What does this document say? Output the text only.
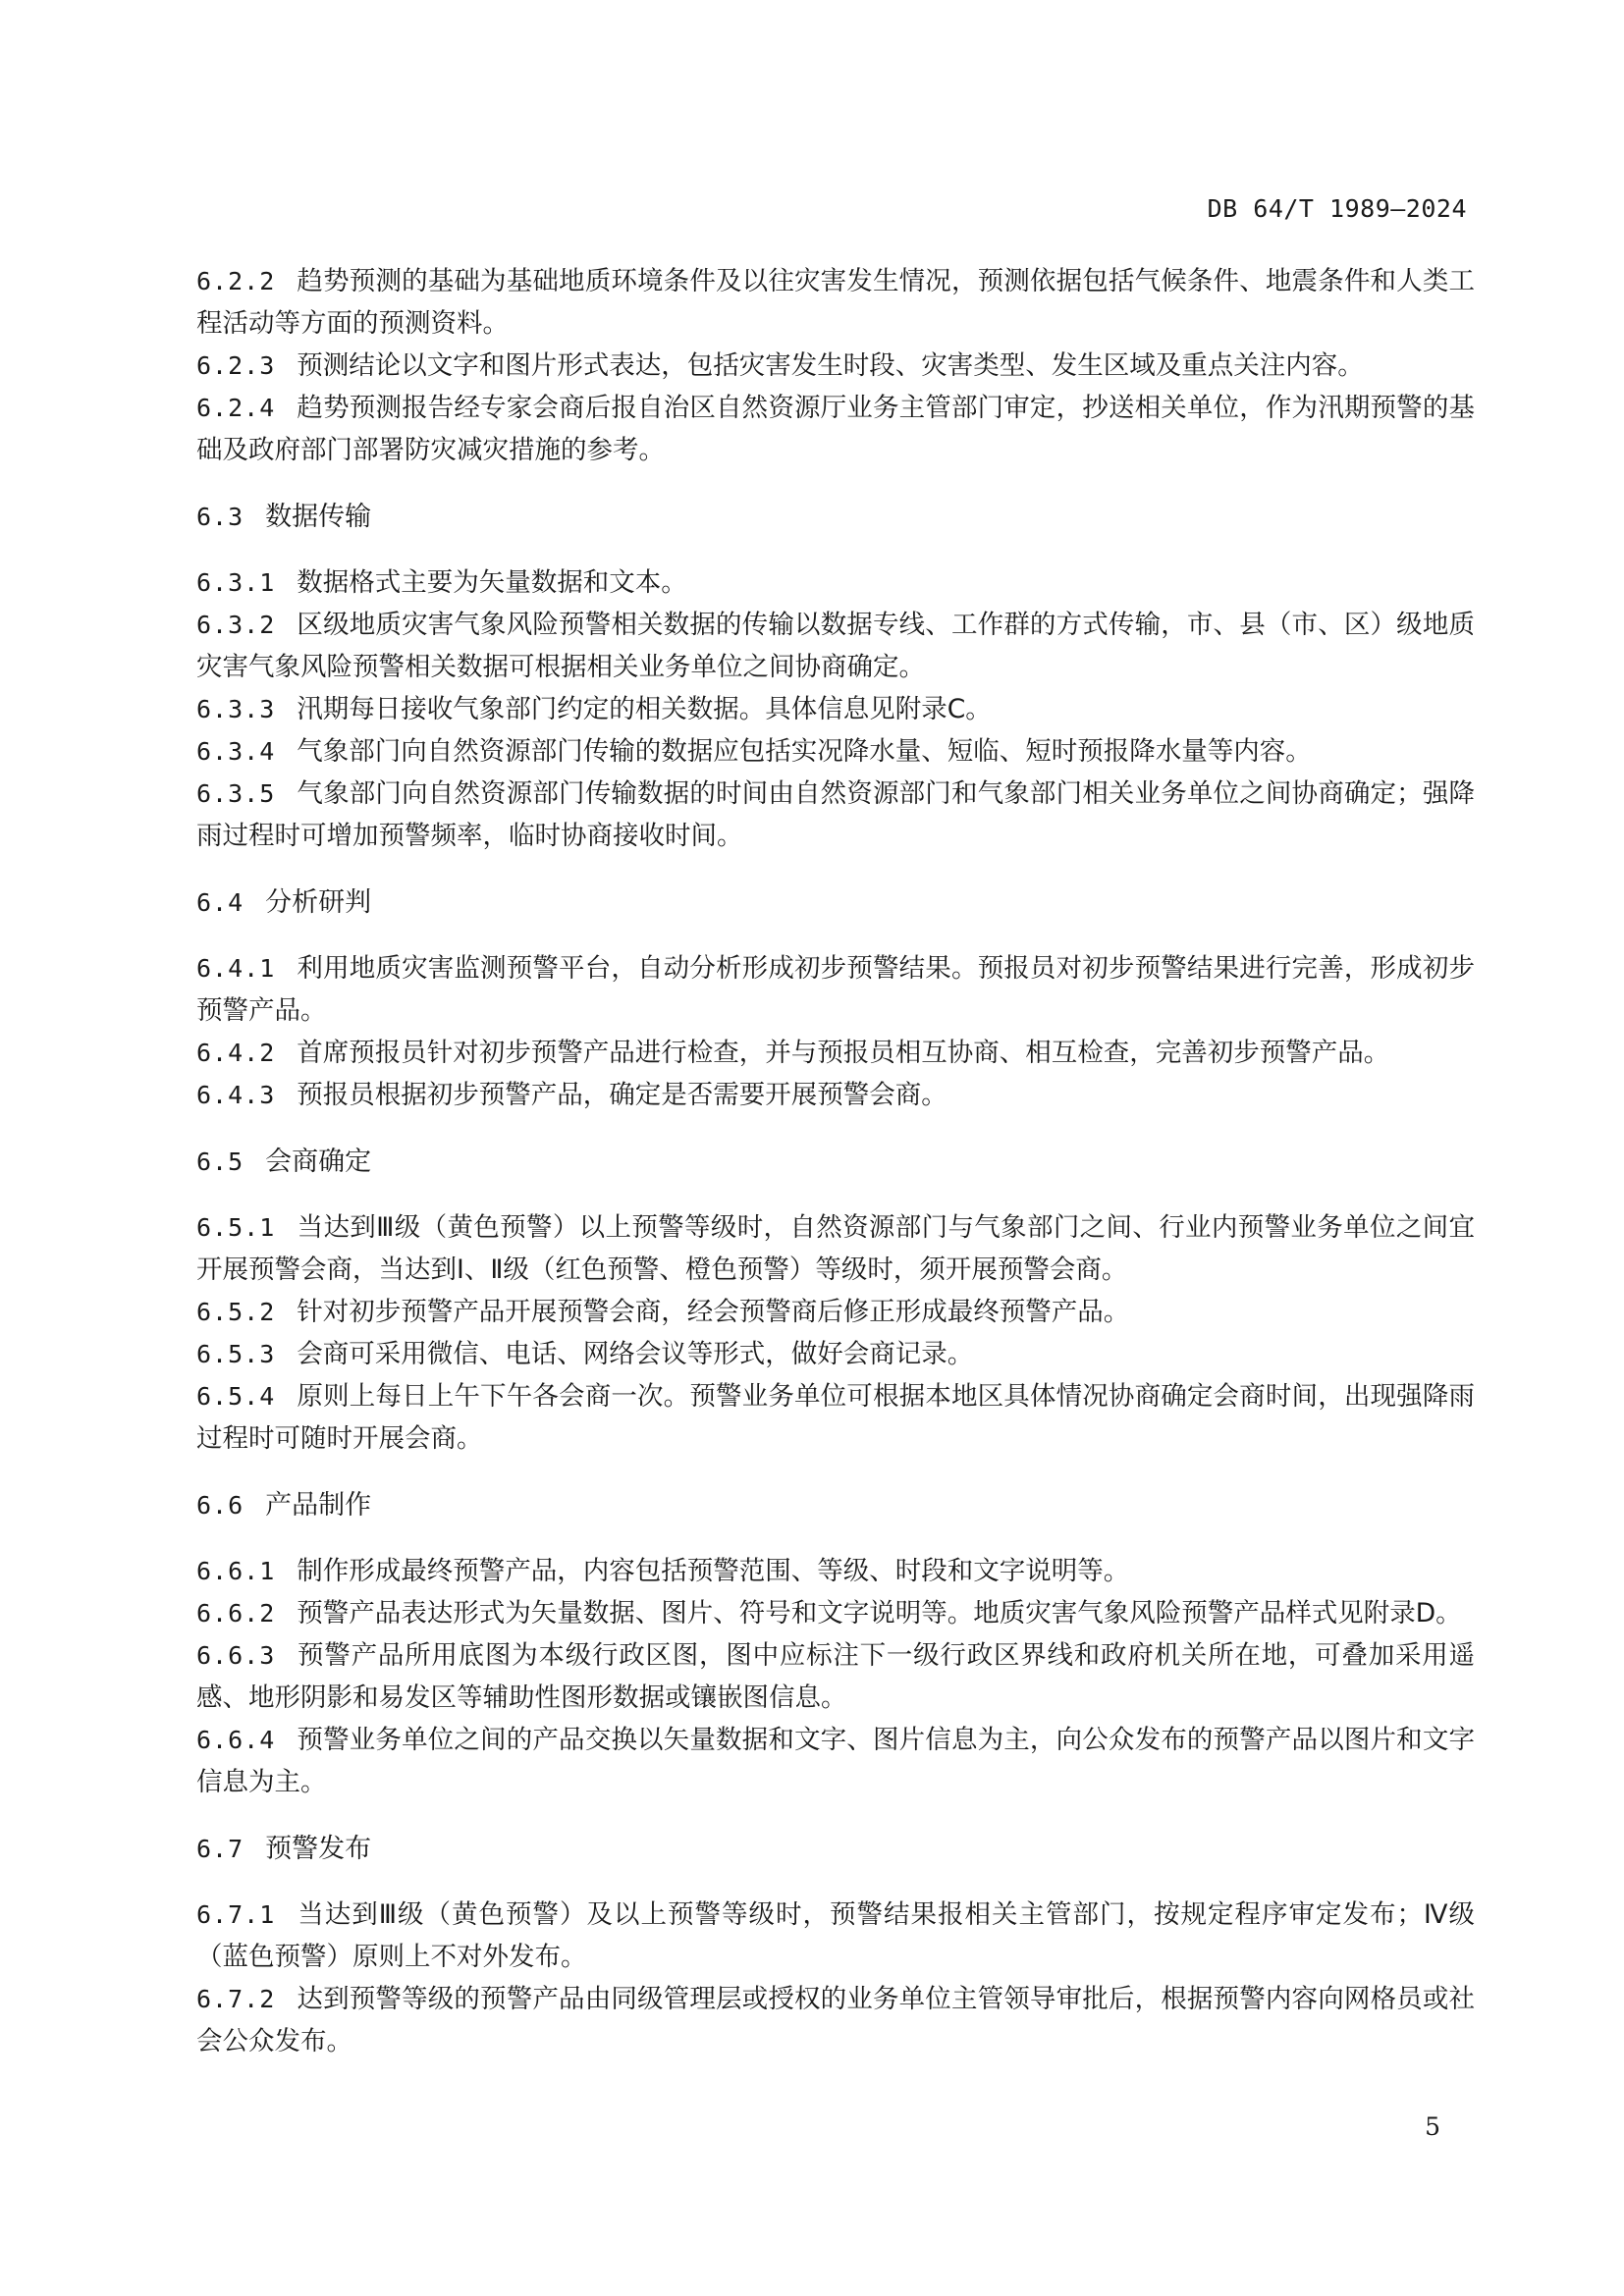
DB 64/T 1989—2024

6.2.2 趋势预测的基础为基础地质环境条件及以往灾害发生情况，预测依据包括气候条件、地震条件和人类工程活动等方面的预测资料。

6.2.3 预测结论以文字和图片形式表达，包括灾害发生时段、灾害类型、发生区域及重点关注内容。

6.2.4 趋势预测报告经专家会商后报自治区自然资源厅业务主管部门审定，抄送相关单位，作为汛期预警的基础及政府部门部署防灾减灾措施的参考。

6.3 数据传输

6.3.1 数据格式主要为矢量数据和文本。

6.3.2 区级地质灾害气象风险预警相关数据的传输以数据专线、工作群的方式传输，市、县（市、区）级地质灾害气象风险预警相关数据可根据相关业务单位之间协商确定。

6.3.3 汛期每日接收气象部门约定的相关数据。具体信息见附录C。

6.3.4 气象部门向自然资源部门传输的数据应包括实况降水量、短临、短时预报降水量等内容。

6.3.5 气象部门向自然资源部门传输数据的时间由自然资源部门和气象部门相关业务单位之间协商确定；强降雨过程时可增加预警频率，临时协商接收时间。

6.4 分析研判

6.4.1 利用地质灾害监测预警平台，自动分析形成初步预警结果。预报员对初步预警结果进行完善，形成初步预警产品。

6.4.2 首席预报员针对初步预警产品进行检查，并与预报员相互协商、相互检查，完善初步预警产品。

6.4.3 预报员根据初步预警产品，确定是否需要开展预警会商。

6.5 会商确定

6.5.1 当达到Ⅲ级（黄色预警）以上预警等级时，自然资源部门与气象部门之间、行业内预警业务单位之间宜开展预警会商，当达到Ⅰ、Ⅱ级（红色预警、橙色预警）等级时，须开展预警会商。

6.5.2 针对初步预警产品开展预警会商，经会预警商后修正形成最终预警产品。

6.5.3 会商可采用微信、电话、网络会议等形式，做好会商记录。

6.5.4 原则上每日上午下午各会商一次。预警业务单位可根据本地区具体情况协商确定会商时间，出现强降雨过程时可随时开展会商。

6.6 产品制作

6.6.1 制作形成最终预警产品，内容包括预警范围、等级、时段和文字说明等。

6.6.2 预警产品表达形式为矢量数据、图片、符号和文字说明等。地质灾害气象风险预警产品样式见附录D。

6.6.3 预警产品所用底图为本级行政区图，图中应标注下一级行政区界线和政府机关所在地，可叠加采用遥感、地形阴影和易发区等辅助性图形数据或镶嵌图信息。

6.6.4 预警业务单位之间的产品交换以矢量数据和文字、图片信息为主，向公众发布的预警产品以图片和文字信息为主。

6.7 预警发布

6.7.1 当达到Ⅲ级（黄色预警）及以上预警等级时，预警结果报相关主管部门，按规定程序审定发布；Ⅳ级（蓝色预警）原则上不对外发布。

6.7.2 达到预警等级的预警产品由同级管理层或授权的业务单位主管领导审批后，根据预警内容向网格员或社会公众发布。

5
